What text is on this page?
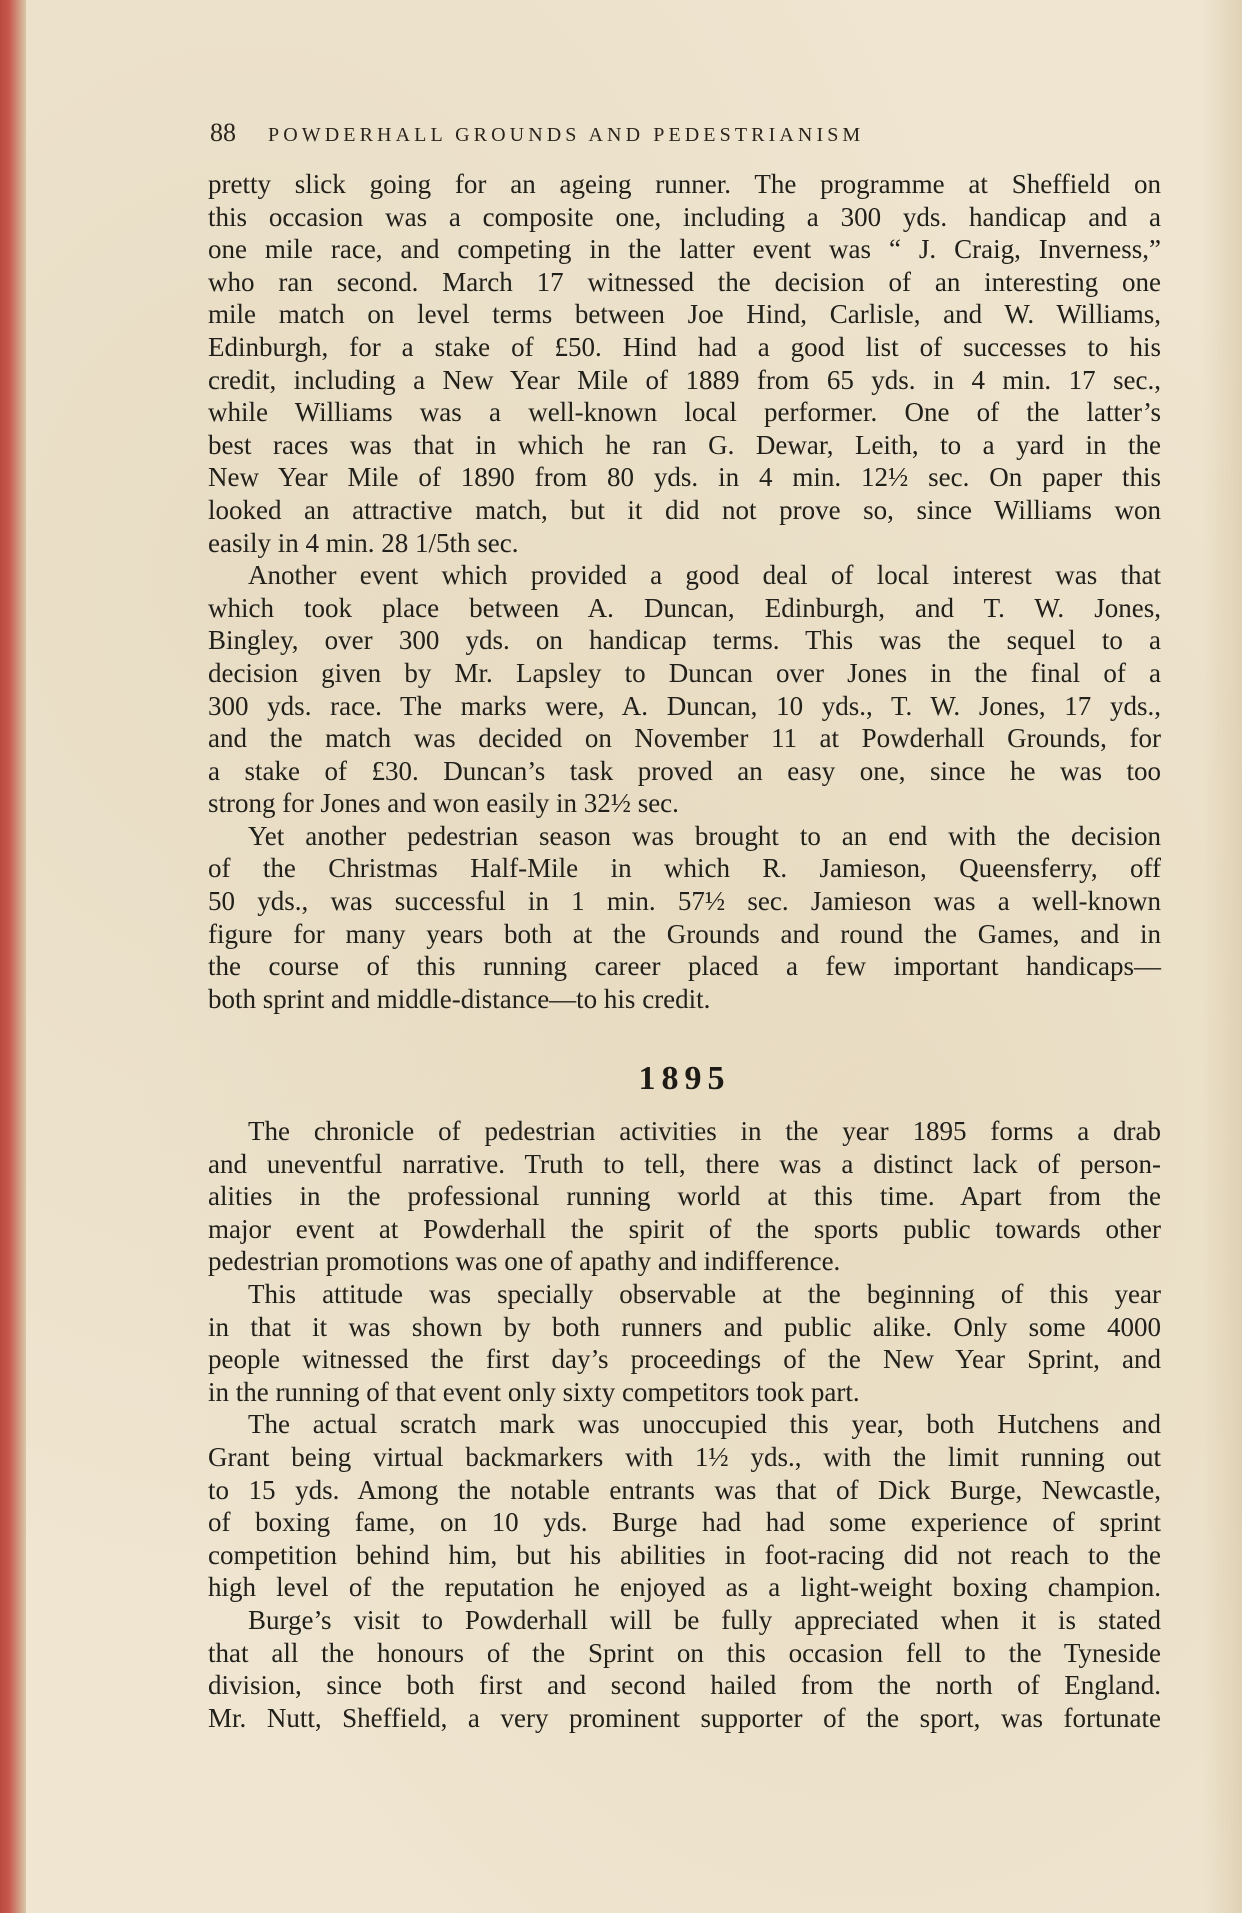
88 POWDERHALL GROUNDS AND PEDESTRIANISM
pretty slick going for an ageing runner. The programme at Sheffield on
this occasion was a composite one, including a 300 yds. handicap and a
one mile race, and competing in the latter event was “ J. Craig, Inverness,”
who ran second. March 17 witnessed the decision of an interesting one
mile match on level terms between Joe Hind, Carlisle, and W. Williams,
Edinburgh, for a stake of £50. Hind had a good list of successes to his
credit, including a New Year Mile of 1889 from 65 yds. in 4 min. 17 sec.,
while Williams was a well-known local performer. One of the latter’s
best races was that in which he ran G. Dewar, Leith, to a yard in the
New Year Mile of 1890 from 80 yds. in 4 min. 12½ sec. On paper this
looked an attractive match, but it did not prove so, since Williams won
easily in 4 min. 28 1/5th sec.
Another event which provided a good deal of local interest was that
which took place between A. Duncan, Edinburgh, and T. W. Jones,
Bingley, over 300 yds. on handicap terms. This was the sequel to a
decision given by Mr. Lapsley to Duncan over Jones in the final of a
300 yds. race. The marks were, A. Duncan, 10 yds., T. W. Jones, 17 yds.,
and the match was decided on November 11 at Powderhall Grounds, for
a stake of £30. Duncan’s task proved an easy one, since he was too
strong for Jones and won easily in 32½ sec.
Yet another pedestrian season was brought to an end with the decision
of the Christmas Half-Mile in which R. Jamieson, Queensferry, off
50 yds., was successful in 1 min. 57½ sec. Jamieson was a well-known
figure for many years both at the Grounds and round the Games, and in
the course of this running career placed a few important handicaps—
both sprint and middle-distance—to his credit.
1895
The chronicle of pedestrian activities in the year 1895 forms a drab
and uneventful narrative. Truth to tell, there was a distinct lack of person-
alities in the professional running world at this time. Apart from the
major event at Powderhall the spirit of the sports public towards other
pedestrian promotions was one of apathy and indifference.
This attitude was specially observable at the beginning of this year
in that it was shown by both runners and public alike. Only some 4000
people witnessed the first day’s proceedings of the New Year Sprint, and
in the running of that event only sixty competitors took part.
The actual scratch mark was unoccupied this year, both Hutchens and
Grant being virtual backmarkers with 1½ yds., with the limit running out
to 15 yds. Among the notable entrants was that of Dick Burge, Newcastle,
of boxing fame, on 10 yds. Burge had had some experience of sprint
competition behind him, but his abilities in foot-racing did not reach to the
high level of the reputation he enjoyed as a light-weight boxing champion.
Burge’s visit to Powderhall will be fully appreciated when it is stated
that all the honours of the Sprint on this occasion fell to the Tyneside
division, since both first and second hailed from the north of England.
Mr. Nutt, Sheffield, a very prominent supporter of the sport, was fortunate
